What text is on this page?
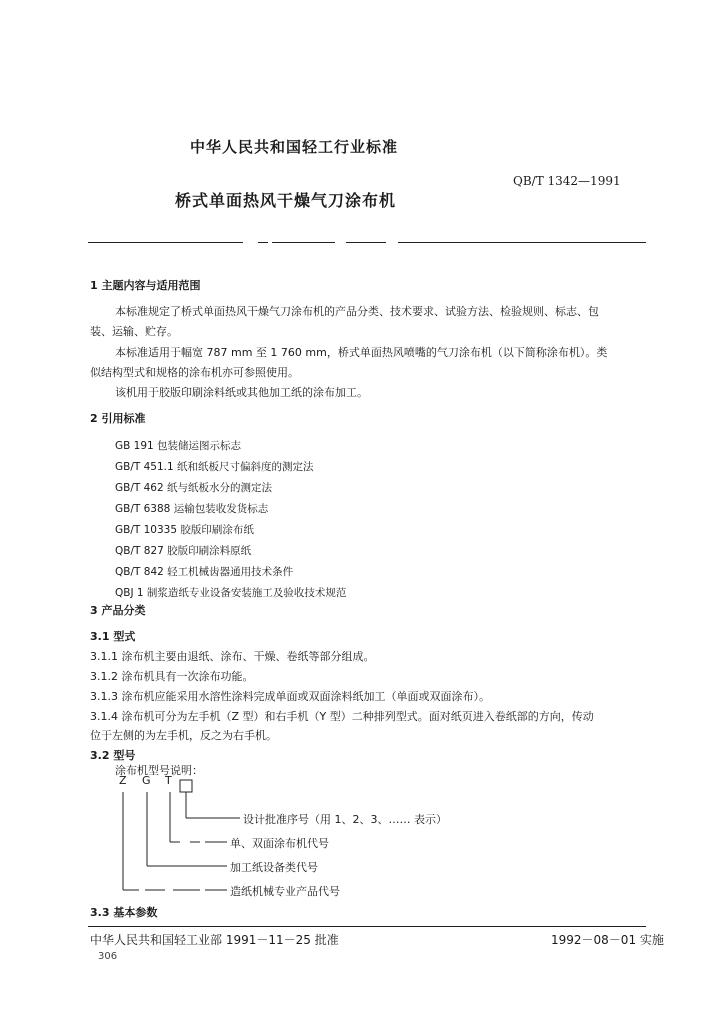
中华人民共和国轻工行业标准
QB/T 1342—1991
桥式单面热风干燥气刀涂布机
1 主题内容与适用范围
本标准规定了桥式单面热风干燥气刀涂布机的产品分类、技术要求、试验方法、检验规则、标志、包
装、运输、贮存。
本标准适用于幅宽 787 mm 至 1 760 mm，桥式单面热风喷嘴的气刀涂布机（以下简称涂布机）。类
似结构型式和规格的涂布机亦可参照使用。
该机用于胶版印刷涂料纸或其他加工纸的涂布加工。
2 引用标准
GB 191 包装储运图示标志
GB/T 451.1 纸和纸板尺寸偏斜度的测定法
GB/T 462 纸与纸板水分的测定法
GB/T 6388 运输包装收发货标志
GB/T 10335 胶版印刷涂布纸
QB/T 827 胶版印刷涂料原纸
QB/T 842 轻工机械齿器通用技术条件
QBJ 1 制浆造纸专业设备安装施工及验收技术规范
3 产品分类
3.1 型式
3.1.1 涂布机主要由退纸、涂布、干燥、卷纸等部分组成。
3.1.2 涂布机具有一次涂布功能。
3.1.3 涂布机应能采用水溶性涂料完成单面或双面涂料纸加工（单面或双面涂布）。
3.1.4 涂布机可分为左手机（Z 型）和右手机（Y 型）二种排列型式。面对纸页进入卷纸部的方向，传动
位于左侧的为左手机，反之为右手机。
3.2 型号
涂布机型号说明：
Z G T
设计批准序号（用 1、2、3、…… 表示）
单、双面涂布机代号
加工纸设备类代号
造纸机械专业产品代号
3.3 基本参数
中华人民共和国轻工业部 1991－11－25 批准	1992－08－01 实施
306
